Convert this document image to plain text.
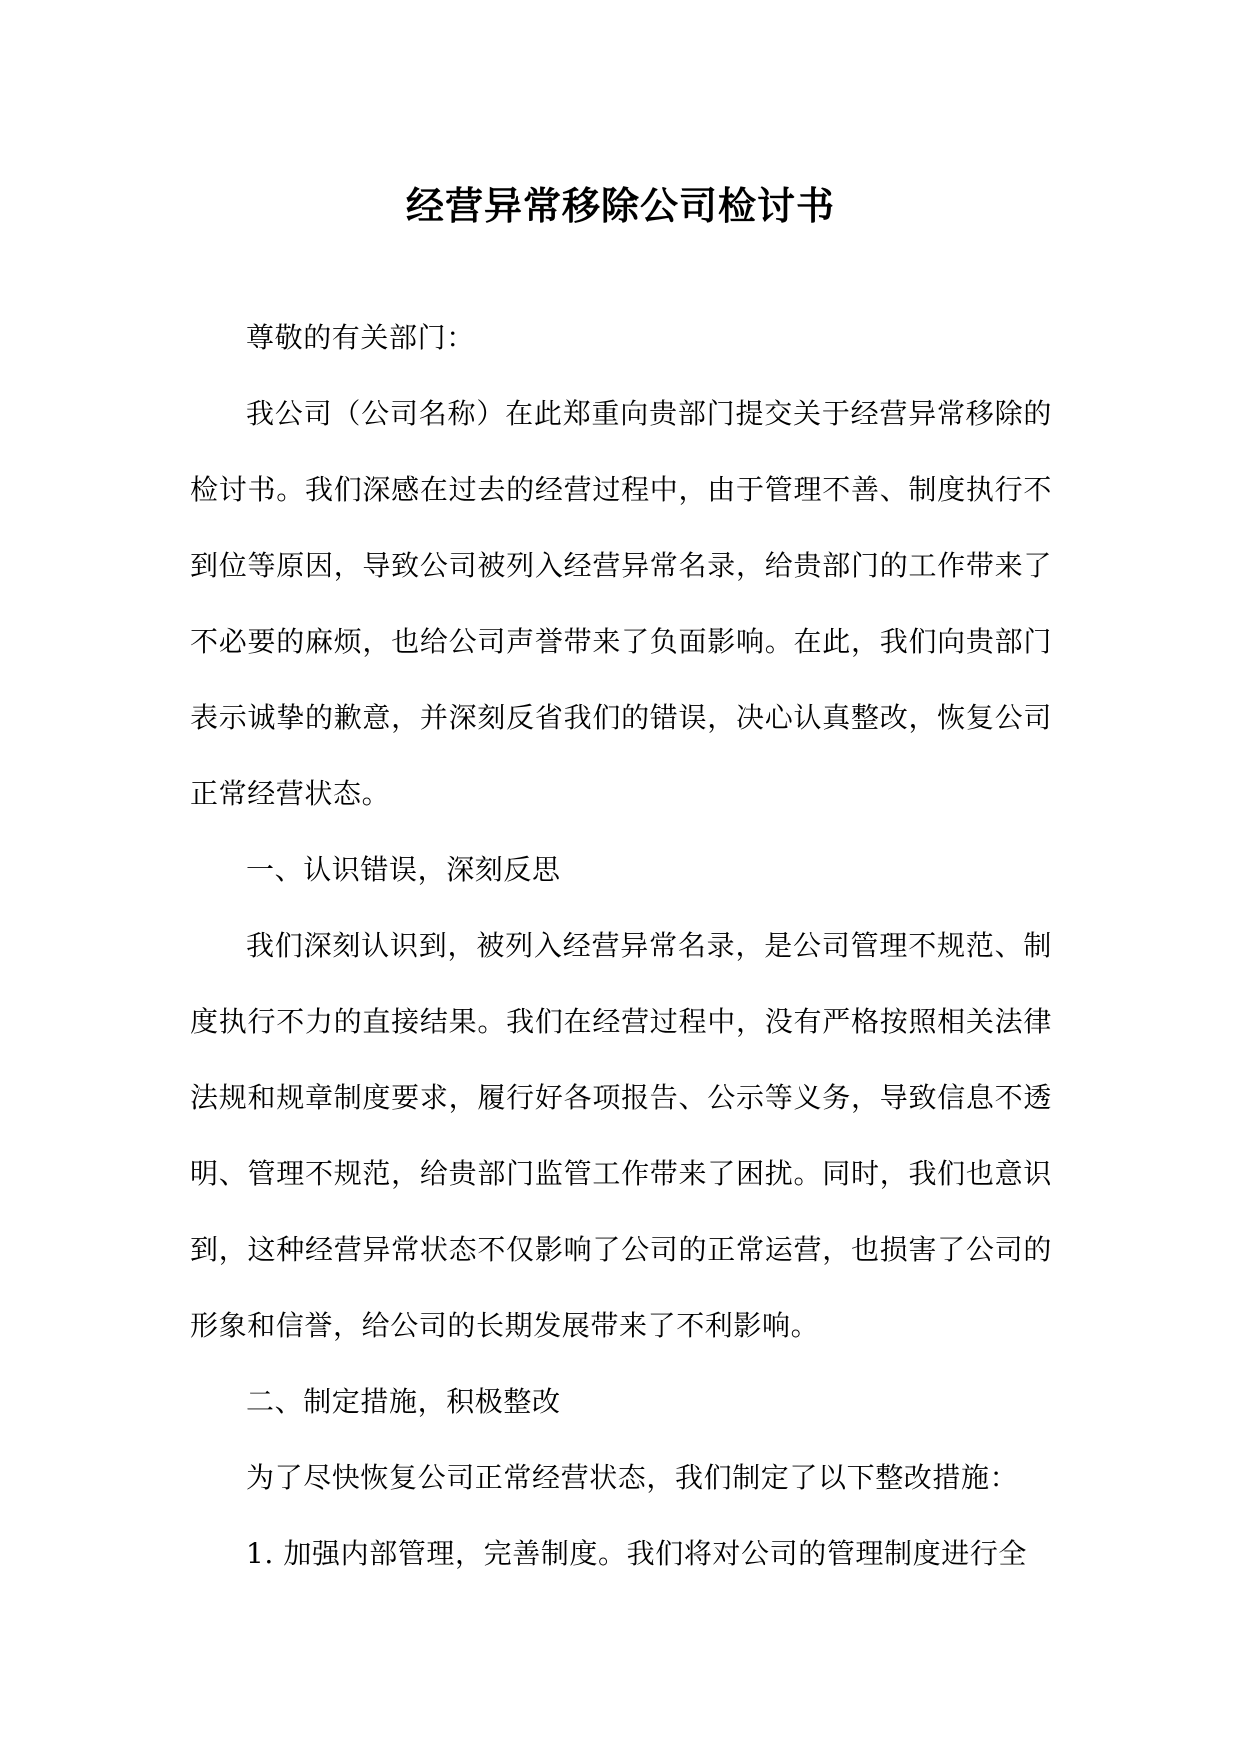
经营异常移除公司检讨书

尊敬的有关部门：

我公司（公司名称）在此郑重向贵部门提交关于经营异常移除的检讨书。我们深感在过去的经营过程中，由于管理不善、制度执行不到位等原因，导致公司被列入经营异常名录，给贵部门的工作带来了不必要的麻烦，也给公司声誉带来了负面影响。在此，我们向贵部门表示诚挚的歉意，并深刻反省我们的错误，决心认真整改，恢复公司正常经营状态。

一、认识错误，深刻反思

我们深刻认识到，被列入经营异常名录，是公司管理不规范、制度执行不力的直接结果。我们在经营过程中，没有严格按照相关法律法规和规章制度要求，履行好各项报告、公示等义务，导致信息不透明、管理不规范，给贵部门监管工作带来了困扰。同时，我们也意识到，这种经营异常状态不仅影响了公司的正常运营，也损害了公司的形象和信誉，给公司的长期发展带来了不利影响。

二、制定措施，积极整改

为了尽快恢复公司正常经营状态，我们制定了以下整改措施：

1. 加强内部管理，完善制度。我们将对公司的管理制度进行全
